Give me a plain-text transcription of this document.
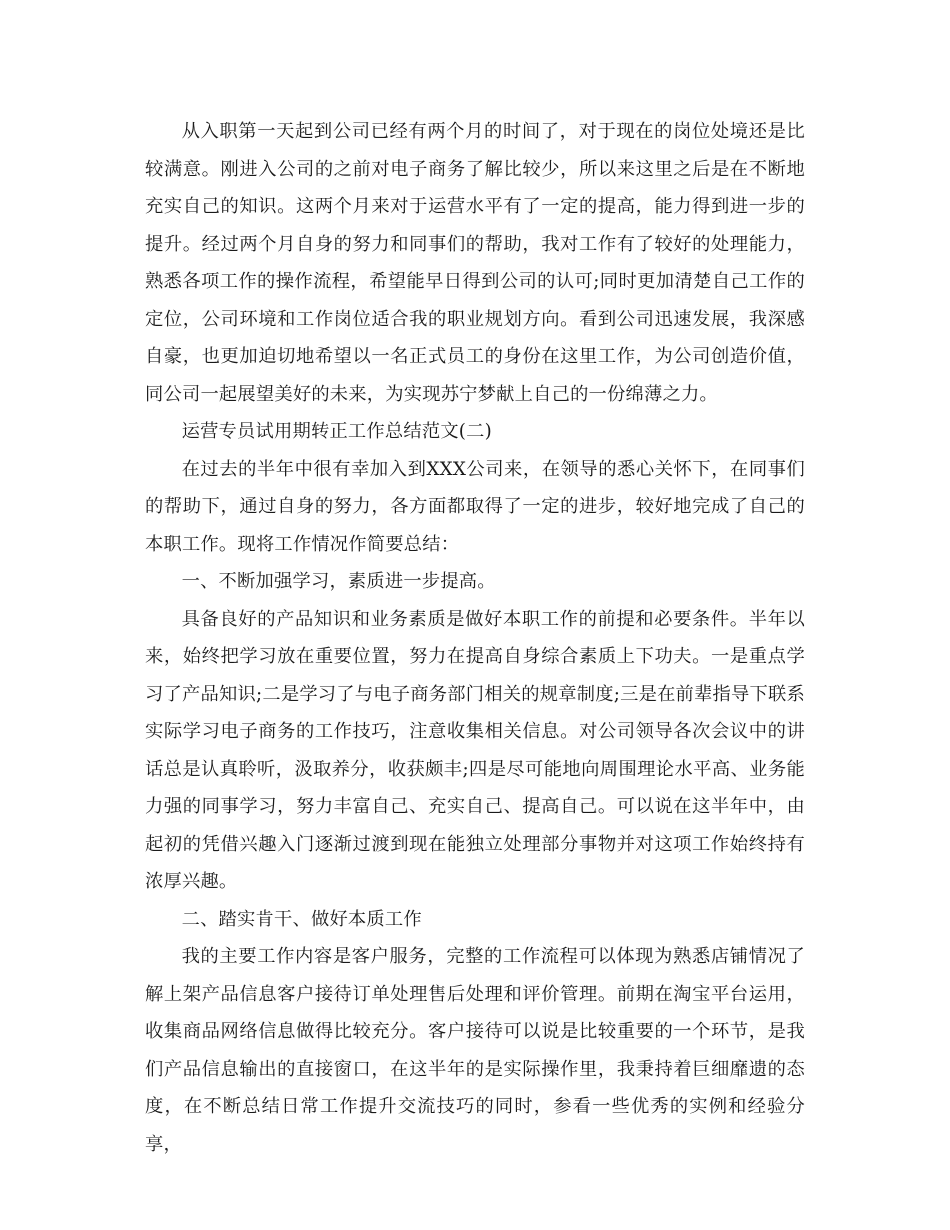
从入职第一天起到公司已经有两个月的时间了，对于现在的岗位处境还是比较满意。刚进入公司的之前对电子商务了解比较少，所以来这里之后是在不断地充实自己的知识。这两个月来对于运营水平有了一定的提高，能力得到进一步的提升。经过两个月自身的努力和同事们的帮助，我对工作有了较好的处理能力，熟悉各项工作的操作流程，希望能早日得到公司的认可;同时更加清楚自己工作的定位，公司环境和工作岗位适合我的职业规划方向。看到公司迅速发展，我深感自豪，也更加迫切地希望以一名正式员工的身份在这里工作，为公司创造价值，同公司一起展望美好的未来，为实现苏宁梦献上自己的一份绵薄之力。

运营专员试用期转正工作总结范文(二)

在过去的半年中很有幸加入到XXX公司来，在领导的悉心关怀下，在同事们的帮助下，通过自身的努力，各方面都取得了一定的进步，较好地完成了自己的本职工作。现将工作情况作简要总结：

一、不断加强学习，素质进一步提高。

具备良好的产品知识和业务素质是做好本职工作的前提和必要条件。半年以来，始终把学习放在重要位置，努力在提高自身综合素质上下功夫。一是重点学习了产品知识;二是学习了与电子商务部门相关的规章制度;三是在前辈指导下联系实际学习电子商务的工作技巧，注意收集相关信息。对公司领导各次会议中的讲话总是认真聆听，汲取养分，收获颇丰;四是尽可能地向周围理论水平高、业务能力强的同事学习，努力丰富自己、充实自己、提高自己。可以说在这半年中，由起初的凭借兴趣入门逐渐过渡到现在能独立处理部分事物并对这项工作始终持有浓厚兴趣。

二、踏实肯干、做好本质工作

我的主要工作内容是客户服务，完整的工作流程可以体现为熟悉店铺情况了解上架产品信息客户接待订单处理售后处理和评价管理。前期在淘宝平台运用，收集商品网络信息做得比较充分。客户接待可以说是比较重要的一个环节，是我们产品信息输出的直接窗口，在这半年的是实际操作里，我秉持着巨细靡遗的态度，在不断总结日常工作提升交流技巧的同时，参看一些优秀的实例和经验分享，
